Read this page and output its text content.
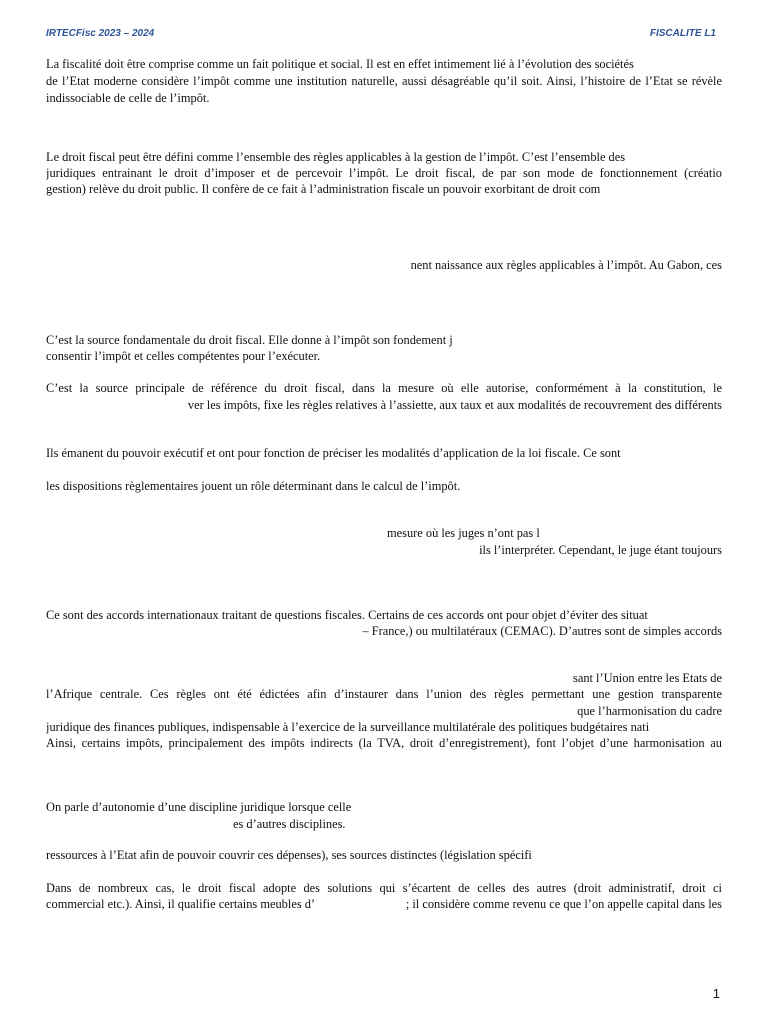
IRTECFisc 2023 – 2024	FISCALITE L1
La fiscalité doit être comprise comme un fait politique et social. Il est en effet intimement lié à l’évolution des sociétés
de l’Etat moderne considère l’impôt comme une institution naturelle, aussi désagréable qu’il soit. Ainsi, l’histoire de l’Etat se révèle
indissociable de celle de l’impôt.
Le droit fiscal peut être défini comme l’ensemble des règles applicables à la gestion de l’impôt. C’est l’ensemble des
juridiques entrainant le droit d’imposer et de percevoir l’impôt. Le droit fiscal, de par son mode de fonctionnement (créatio
gestion) relève du droit public. Il confère de ce fait à l’administration fiscale un pouvoir exorbitant de droit com
nent naissance aux règles applicables à l’impôt. Au Gabon, ces
C’est la source fondamentale du droit fiscal. Elle donne à l’impôt son fondement j
consentir l’impôt et celles compétentes pour l’exécuter.
C’est la source principale de référence du droit fiscal, dans la mesure où elle autorise, conformément à la constitution, le
ver les impôts, fixe les règles relatives à l’assiette, aux taux et aux modalités de recouvrement des différents
Ils émanent du pouvoir exécutif et ont pour fonction de préciser les modalités d’application de la loi fiscale. Ce sont
les dispositions règlementaires jouent un rôle déterminant dans le calcul de l’impôt.
mesure où les juges n’ont pas l
ils l’interpréter. Cependant, le juge étant toujours
Ce sont des accords internationaux traitant de questions fiscales. Certains de ces accords ont pour objet d’éviter des situat
– France,) ou multilatéraux (CEMAC). D’autres sont de simples accords
sant l’Union entre les Etats de
l’Afrique centrale. Ces règles ont été édictées afin d’instaurer dans l’union des règles permettant une gestion transparente
que l’harmonisation du cadre
juridique des finances publiques, indispensable à l’exercice de la surveillance multilatérale des politiques budgétaires nati
Ainsi, certains impôts, principalement des impôts indirects (la TVA, droit d’enregistrement), font l’objet d’une harmonisation au
On parle d’autonomie d’une discipline juridique lorsque celle
es d’autres disciplines.
ressources à l’Etat afin de pouvoir couvrir ces dépenses), ses sources distinctes (législation spécifi
Dans de nombreux cas, le droit fiscal adopte des solutions qui s’écartent de celles des autres (droit administratif, droit ci
commercial etc.). Ainsi, il qualifie certains meubles d’	; il considère comme revenu ce que l’on appelle capital dans les
1
